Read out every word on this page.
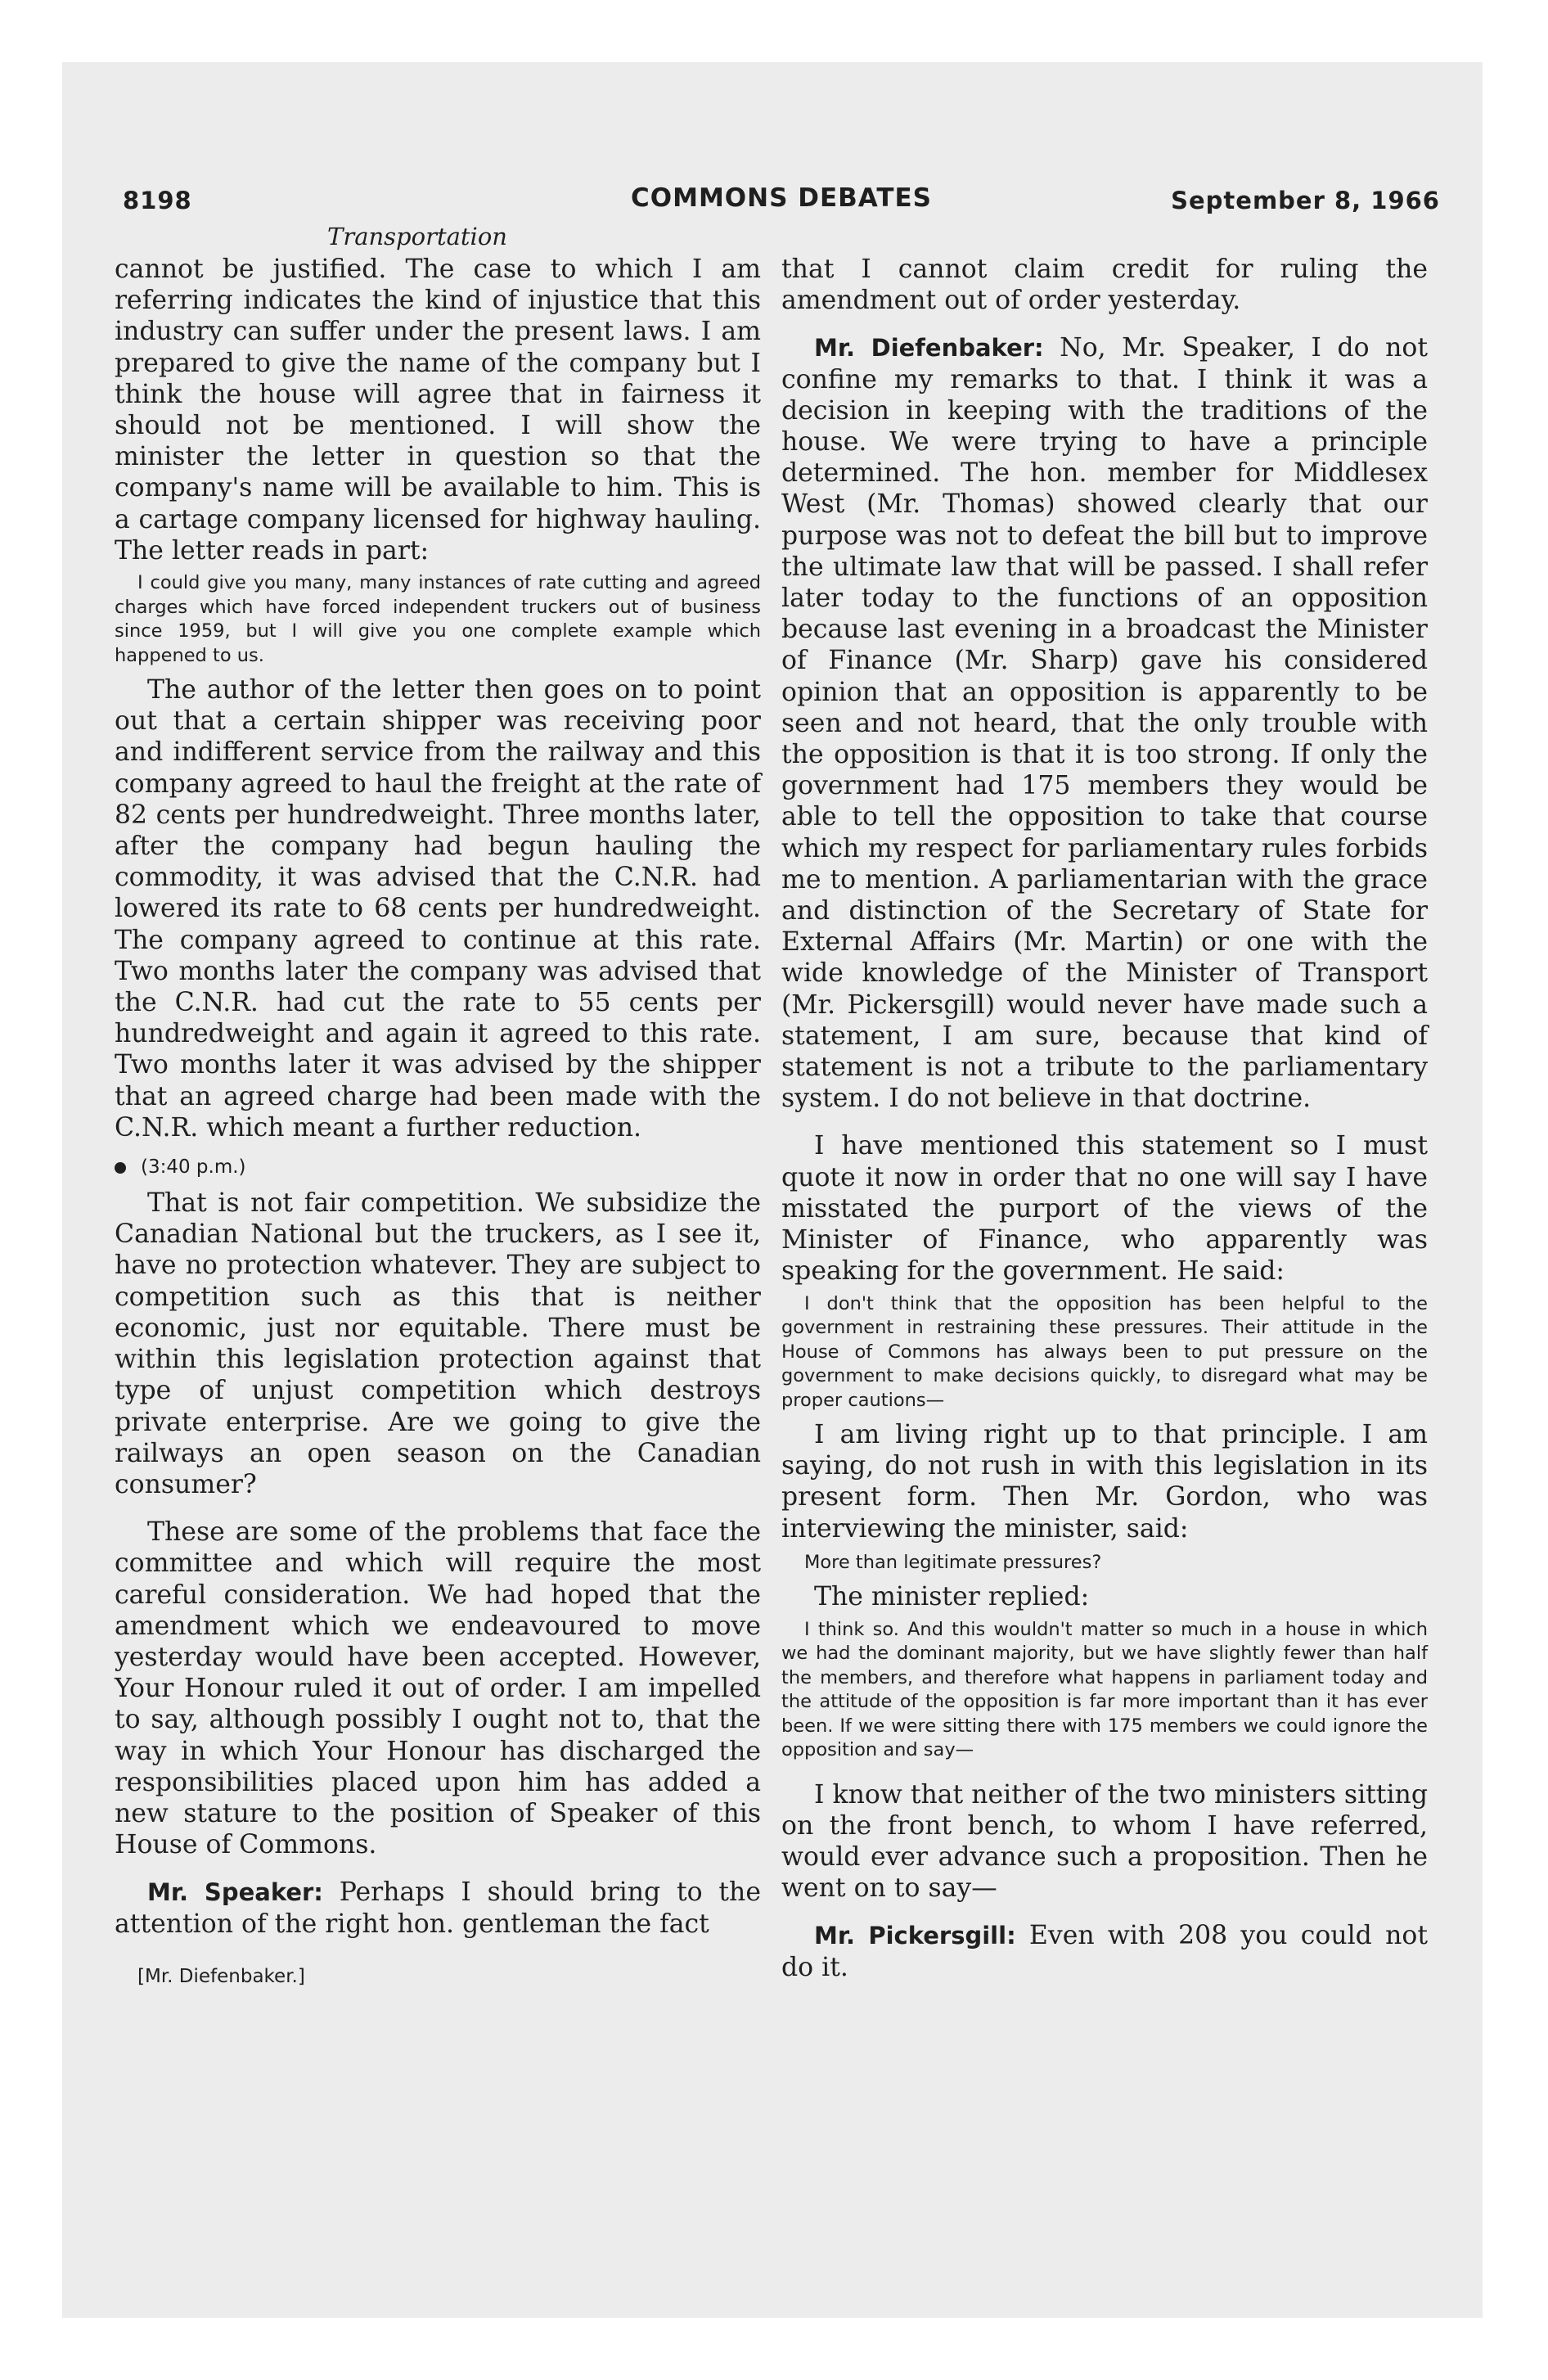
8198	COMMONS DEBATES	September 8, 1966
Transportation

cannot be justified. The case to which I am referring indicates the kind of injustice that this industry can suffer under the present laws. I am prepared to give the name of the company but I think the house will agree that in fairness it should not be mentioned. I will show the minister the letter in question so that the company's name will be available to him. This is a cartage company licensed for highway hauling. The letter reads in part:

I could give you many, many instances of rate cutting and agreed charges which have forced independent truckers out of business since 1959, but I will give you one complete example which happened to us.

The author of the letter then goes on to point out that a certain shipper was receiving poor and indifferent service from the railway and this company agreed to haul the freight at the rate of 82 cents per hundredweight. Three months later, after the company had begun hauling the commodity, it was advised that the C.N.R. had lowered its rate to 68 cents per hundredweight. The company agreed to continue at this rate. Two months later the company was advised that the C.N.R. had cut the rate to 55 cents per hundredweight and again it agreed to this rate. Two months later it was advised by the shipper that an agreed charge had been made with the C.N.R. which meant a further reduction.

(3:40 p.m.)

That is not fair competition. We subsidize the Canadian National but the truckers, as I see it, have no protection whatever. They are subject to competition such as this that is neither economic, just nor equitable. There must be within this legislation protection against that type of unjust competition which destroys private enterprise. Are we going to give the railways an open season on the Canadian consumer?

These are some of the problems that face the committee and which will require the most careful consideration. We had hoped that the amendment which we endeavoured to move yesterday would have been accepted. However, Your Honour ruled it out of order. I am impelled to say, although possibly I ought not to, that the way in which Your Honour has discharged the responsibilities placed upon him has added a new stature to the position of Speaker of this House of Commons.

Mr. Speaker: Perhaps I should bring to the attention of the right hon. gentleman the fact

[Mr. Diefenbaker.]

that I cannot claim credit for ruling the amendment out of order yesterday.

Mr. Diefenbaker: No, Mr. Speaker, I do not confine my remarks to that. I think it was a decision in keeping with the traditions of the house. We were trying to have a principle determined. The hon. member for Middlesex West (Mr. Thomas) showed clearly that our purpose was not to defeat the bill but to improve the ultimate law that will be passed. I shall refer later today to the functions of an opposition because last evening in a broadcast the Minister of Finance (Mr. Sharp) gave his considered opinion that an opposition is apparently to be seen and not heard, that the only trouble with the opposition is that it is too strong. If only the government had 175 members they would be able to tell the opposition to take that course which my respect for parliamentary rules forbids me to mention. A parliamentarian with the grace and distinction of the Secretary of State for External Affairs (Mr. Martin) or one with the wide knowledge of the Minister of Transport (Mr. Pickersgill) would never have made such a statement, I am sure, because that kind of statement is not a tribute to the parliamentary system. I do not believe in that doctrine.

I have mentioned this statement so I must quote it now in order that no one will say I have misstated the purport of the views of the Minister of Finance, who apparently was speaking for the government. He said:

I don't think that the opposition has been helpful to the government in restraining these pressures. Their attitude in the House of Commons has always been to put pressure on the government to make decisions quickly, to disregard what may be proper cautions—

I am living right up to that principle. I am saying, do not rush in with this legislation in its present form. Then Mr. Gordon, who was interviewing the minister, said:

More than legitimate pressures?

The minister replied:

I think so. And this wouldn't matter so much in a house in which we had the dominant majority, but we have slightly fewer than half the members, and therefore what happens in parliament today and the attitude of the opposition is far more important than it has ever been. If we were sitting there with 175 members we could ignore the opposition and say—

I know that neither of the two ministers sitting on the front bench, to whom I have referred, would ever advance such a proposition. Then he went on to say—

Mr. Pickersgill: Even with 208 you could not do it.
